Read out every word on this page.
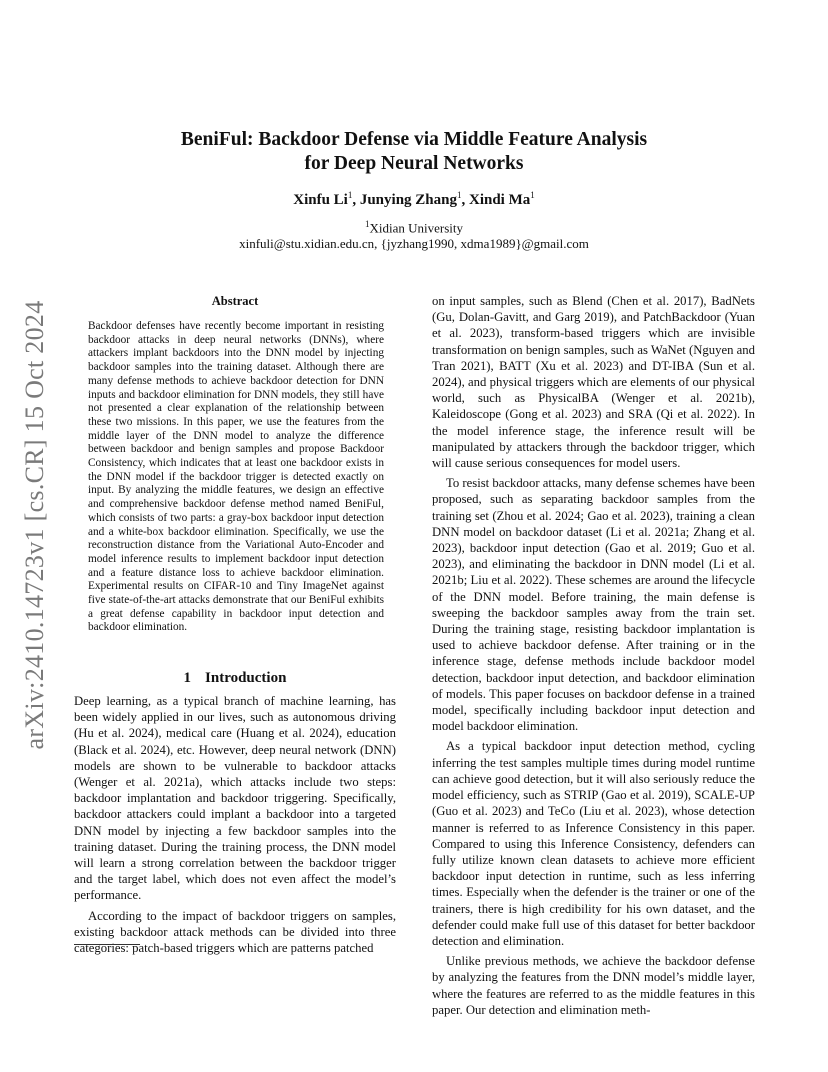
arXiv:2410.14723v1 [cs.CR] 15 Oct 2024
BeniFul: Backdoor Defense via Middle Feature Analysis
for Deep Neural Networks
Xinfu Li$^1$, Junying Zhang$^1$, Xindi Ma$^1$
$^1$Xidian University
xinfuli@stu.xidian.edu.cn, {jyzhang1990, xdma1989}@gmail.com
Abstract
Backdoor defenses have recently become important in resisting backdoor attacks in deep neural networks (DNNs), where attackers implant backdoors into the DNN model by injecting backdoor samples into the training dataset. Although there are many defense methods to achieve backdoor detection for DNN inputs and backdoor elimination for DNN models, they still have not presented a clear explanation of the relationship between these two missions. In this paper, we use the features from the middle layer of the DNN model to analyze the difference between backdoor and benign samples and propose Backdoor Consistency, which indicates that at least one backdoor exists in the DNN model if the backdoor trigger is detected exactly on input. By analyzing the middle features, we design an effective and comprehensive backdoor defense method named BeniFul, which consists of two parts: a gray-box backdoor input detection and a white-box backdoor elimination. Specifically, we use the reconstruction distance from the Variational Auto-Encoder and model inference results to implement backdoor input detection and a feature distance loss to achieve backdoor elimination. Experimental results on CIFAR-10 and Tiny ImageNet against five state-of-the-art attacks demonstrate that our BeniFul exhibits a great defense capability in backdoor input detection and backdoor elimination.
1 Introduction

Deep learning, as a typical branch of machine learning, has been widely applied in our lives, such as autonomous driving (Hu et al. 2024), medical care (Huang et al. 2024), education (Black et al. 2024), etc. However, deep neural network (DNN) models are shown to be vulnerable to backdoor attacks (Wenger et al. 2021a), which attacks include two steps: backdoor implantation and backdoor triggering. Specifically, backdoor attackers could implant a backdoor into a targeted DNN model by injecting a few backdoor samples into the training dataset. During the training process, the DNN model will learn a strong correlation between the backdoor trigger and the target label, which does not even affect the model’s performance.

According to the impact of backdoor triggers on samples, existing backdoor attack methods can be divided into three categories: patch-based triggers which are patterns patched

on input samples, such as Blend (Chen et al. 2017), BadNets (Gu, Dolan-Gavitt, and Garg 2019), and PatchBackdoor (Yuan et al. 2023), transform-based triggers which are invisible transformation on benign samples, such as WaNet (Nguyen and Tran 2021), BATT (Xu et al. 2023) and DT-IBA (Sun et al. 2024), and physical triggers which are elements of our physical world, such as PhysicalBA (Wenger et al. 2021b), Kaleidoscope (Gong et al. 2023) and SRA (Qi et al. 2022). In the model inference stage, the inference result will be manipulated by attackers through the backdoor trigger, which will cause serious consequences for model users.

To resist backdoor attacks, many defense schemes have been proposed, such as separating backdoor samples from the training set (Zhou et al. 2024; Gao et al. 2023), training a clean DNN model on backdoor dataset (Li et al. 2021a; Zhang et al. 2023), backdoor input detection (Gao et al. 2019; Guo et al. 2023), and eliminating the backdoor in DNN model (Li et al. 2021b; Liu et al. 2022). These schemes are around the lifecycle of the DNN model. Before training, the main defense is sweeping the backdoor samples away from the train set. During the training stage, resisting backdoor implantation is used to achieve backdoor defense. After training or in the inference stage, defense methods include backdoor model detection, backdoor input detection, and backdoor elimination of models. This paper focuses on backdoor defense in a trained model, specifically including backdoor input detection and model backdoor elimination.

As a typical backdoor input detection method, cycling inferring the test samples multiple times during model runtime can achieve good detection, but it will also seriously reduce the model efficiency, such as STRIP (Gao et al. 2019), SCALE-UP (Guo et al. 2023) and TeCo (Liu et al. 2023), whose detection manner is referred to as Inference Consistency in this paper. Compared to using this Inference Consistency, defenders can fully utilize known clean datasets to achieve more efficient backdoor input detection in runtime, such as less inferring times. Especially when the defender is the trainer or one of the trainers, there is high credibility for his own dataset, and the defender could make full use of this dataset for better backdoor detection and elimination.

Unlike previous methods, we achieve the backdoor defense by analyzing the features from the DNN model’s middle layer, where the features are referred to as the middle features in this paper. Our detection and elimination meth-
